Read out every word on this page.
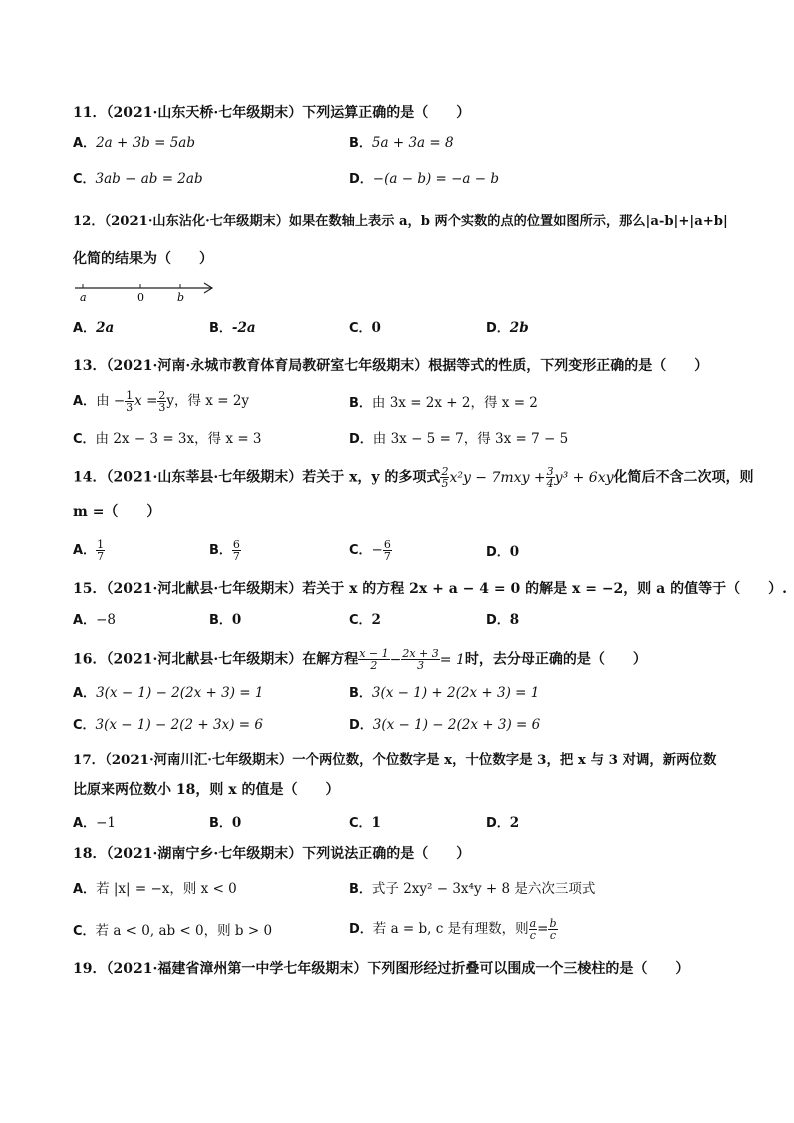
11．（2021·山东天桥·七年级期末）下列运算正确的是（　　）
A．2a + 3b = 5ab	B．5a + 3a = 8
C．3ab − ab = 2ab	D．−(a − b) = −a − b
12．（2021·山东沾化·七年级期末）如果在数轴上表示 a，b 两个实数的点的位置如图所示，那么|a-b|+|a+b|
化简的结果为（　　）
a	0	b
A．2a	B．-2a	C．0	D．2b
13．（2021·河南·永城市教育体育局教研室七年级期末）根据等式的性质，下列变形正确的是（　　）
A．由 − $\frac{1}{3}$ $x = \frac{2}{3}$ y，得 x = 2y	B．由 3x = 2x + 2，得 x = 2
C．由 2x − 3 = 3x，得 x = 3	D．由 3x − 5 = 7，得 3x = 7 − 5
14．（2021·山东莘县·七年级期末）若关于 x，y 的多项式 $\frac{2}{5} x^2y - 7mxy + \frac{3}{4} y^3 + 6xy$化简后不含二次项，则
m =（　　）
A． $\frac{1}{7}$	B． $\frac{6}{7}$	C．− $\frac{6}{7}$	D．0
15．（2021·河北献县·七年级期末）若关于 x 的方程 2x + a − 4 = 0 的解是 x = −2，则 a 的值等于（　　）.
A．−8	B．0	C．2	D．8
16．（2021·河北献县·七年级期末）在解方程 $\frac{x - 1}{2} - \frac{2x + 3}{3} = 1$时，去分母正确的是（　　）
A．3(x − 1) − 2(2x + 3) = 1	B．3(x − 1) + 2(2x + 3) = 1
C．3(x − 1) − 2(2 + 3x) = 6	D．3(x − 1) − 2(2x + 3) = 6
17．（2021·河南川汇·七年级期末）一个两位数，个位数字是 x，十位数字是 3，把 x 与 3 对调，新两位数
比原来两位数小 18，则 x 的值是（　　）
A．−1	B．0	C．1	D．2
18．（2021·湖南宁乡·七年级期末）下列说法正确的是（　　）
A．若 |x| = −x，则 x < 0	B．式子 2xy² − 3x⁴y + 8 是六次三项式
C．若 a < 0, ab < 0，则 b > 0	D．若 a = b, c 是有理数，则 $\frac{a}{c} = \frac{b}{c}$
19．（2021·福建省漳州第一中学七年级期末）下列图形经过折叠可以围成一个三棱柱的是（　　）
